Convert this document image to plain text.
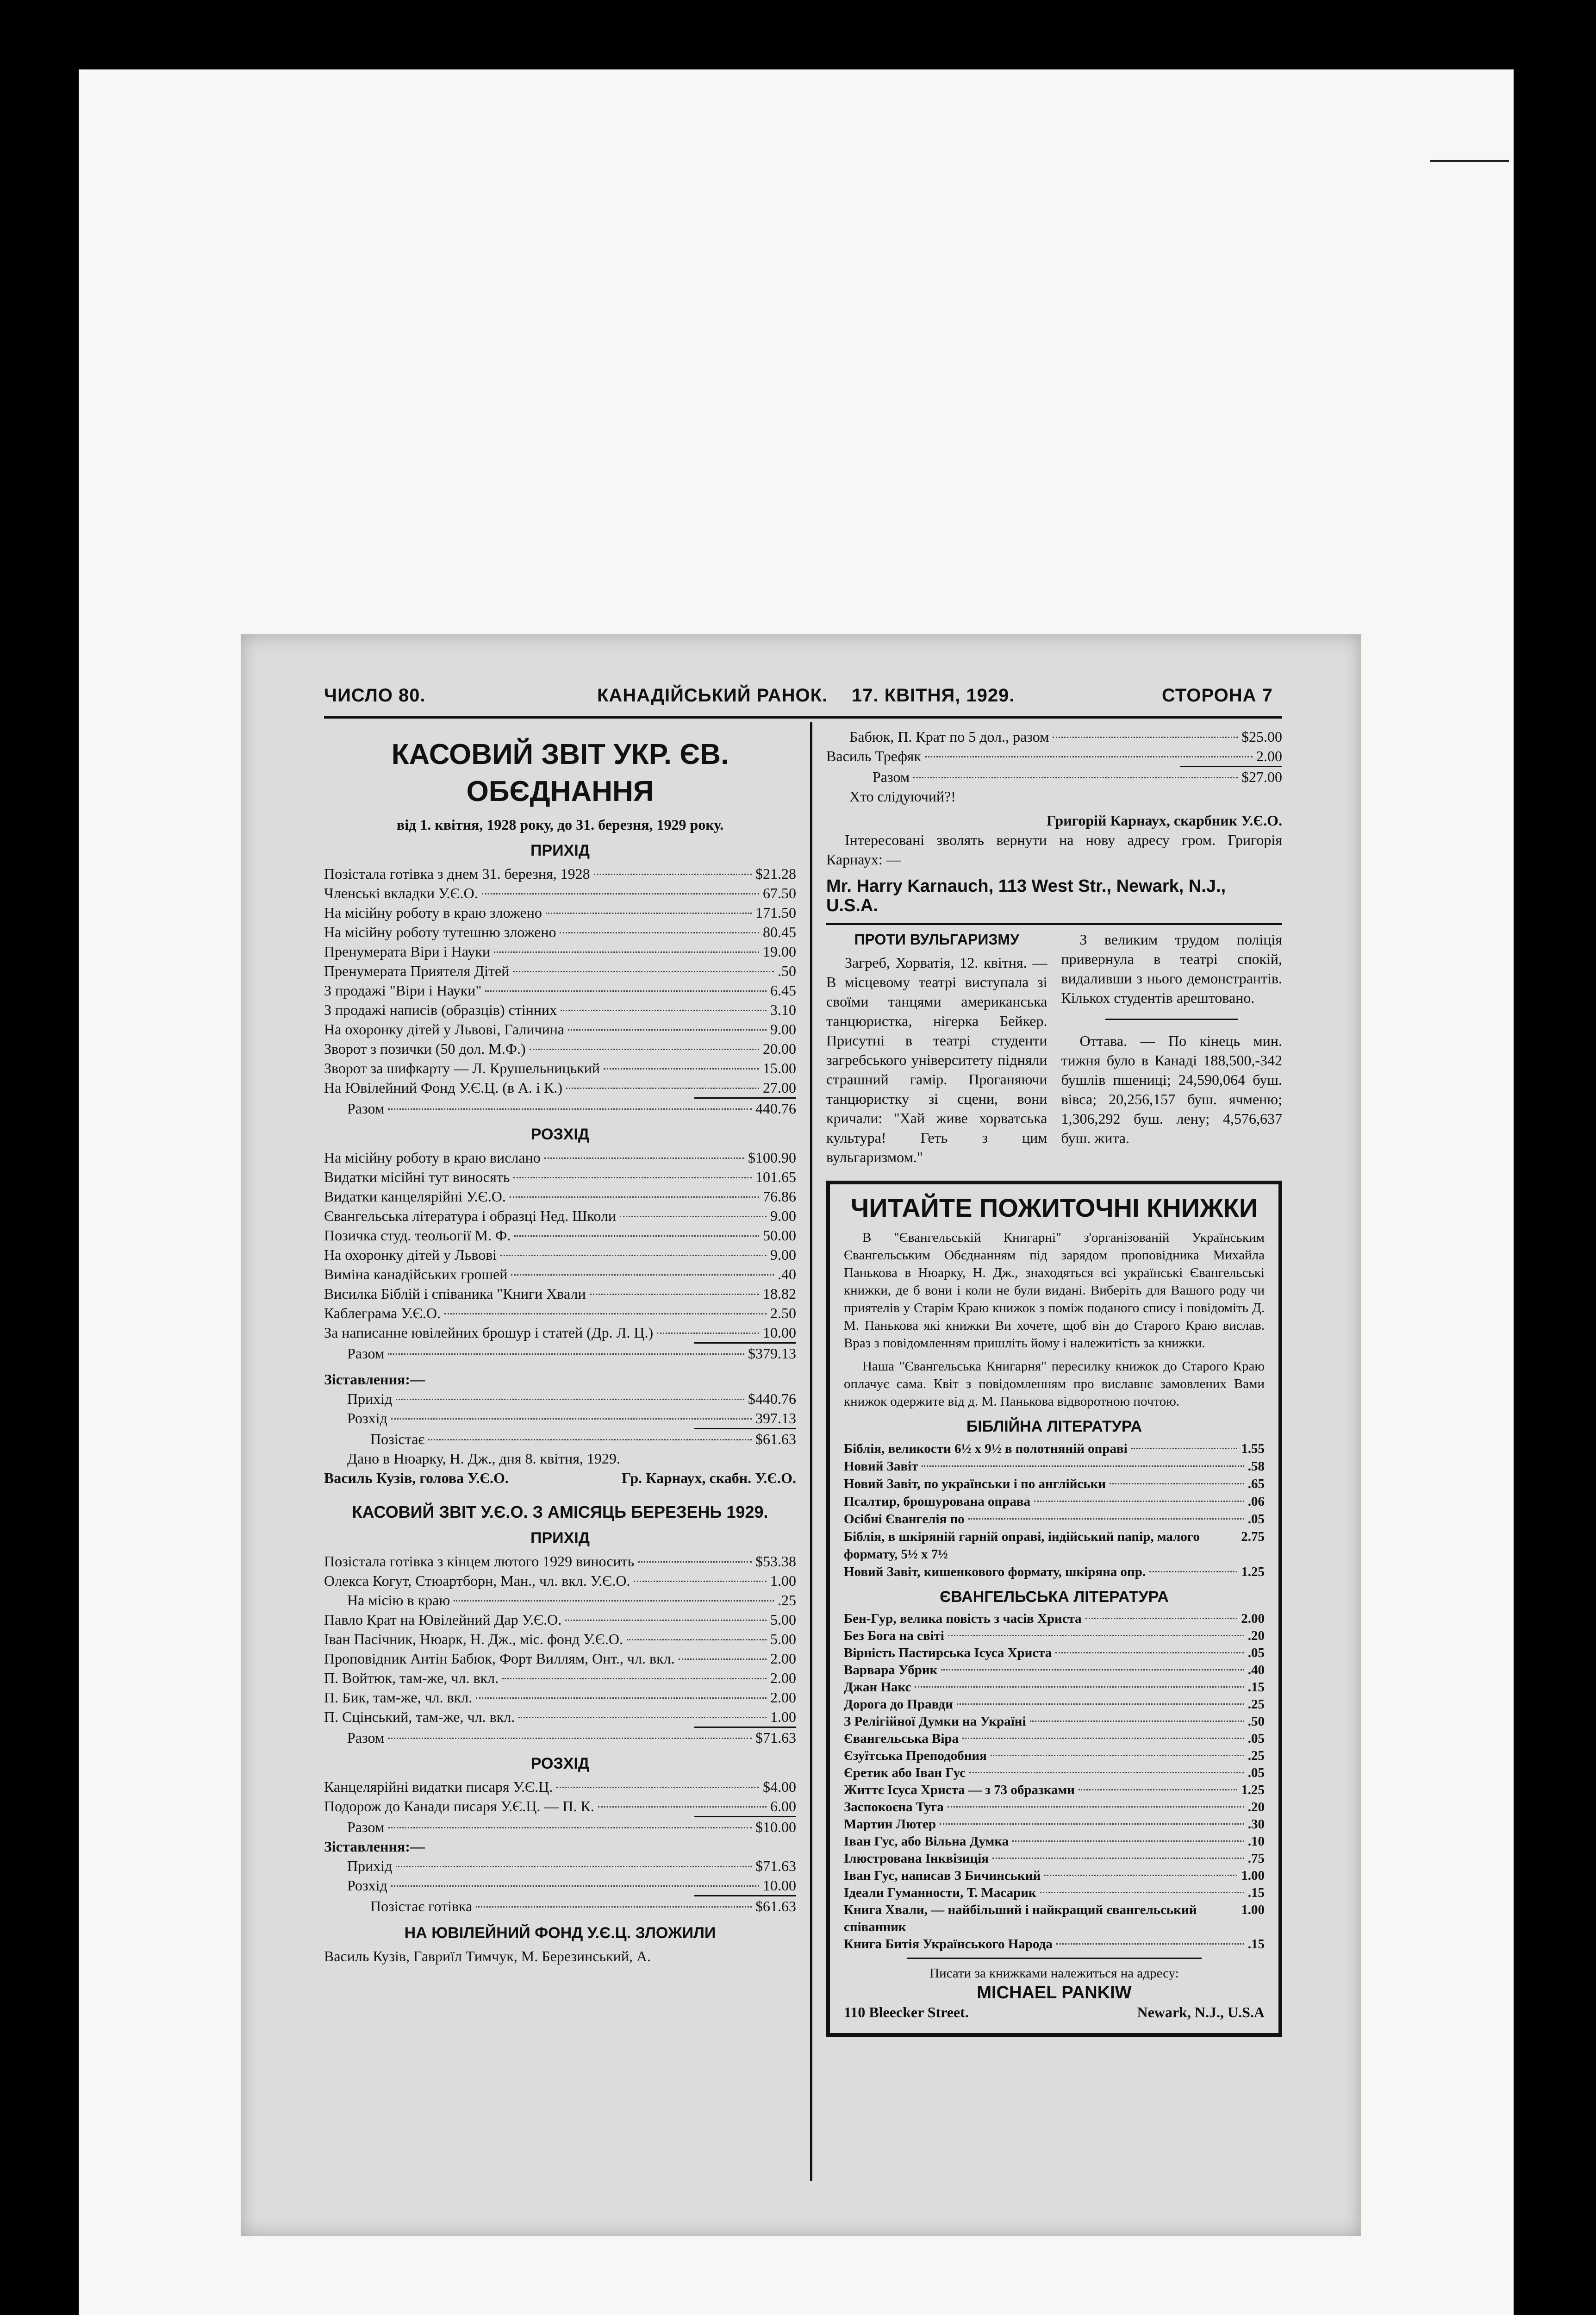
ЧИСЛО 80.	КАНАДІЙСЬКИЙ РАНОК. 17. КВІТНЯ, 1929.	СТОРОНА 7
КАСОВИЙ ЗВІТ УКР. ЄВ. ОБЄДНАННЯ
від 1. квітня, 1928 року, до 31. березня, 1929 року.
ПРИХІД
Позістала готівка з днем 31. березня, 1928	$21.28
Членські вкладки У.Є.О.	67.50
На місійну роботу в краю зложено	171.50
На місійну роботу тутешню зложено	80.45
Пренумерата Віри і Науки	19.00
Пренумерата Приятеля Дітей	.50
З продажі "Віри і Науки"	6.45
З продажі написів (образців) стінних	3.10
На охоронку дітей у Львові, Галичина	9.00
Зворот з позички (50 дол. М.Ф.)	20.00
Зворот за шифкарту — Л. Крушельницький	15.00
На Ювілейний Фонд У.Є.Ц. (в А. і К.)	27.00
Разом	440.76
РОЗХІД
На місійну роботу в краю вислано	$100.90
Видатки місійні тут виносять	101.65
Видатки канцелярійні У.Є.О.	76.86
Євангельська література і образці Нед. Школи	9.00
Позичка студ. теольогії М. Ф.	50.00
На охоронку дітей у Львові	9.00
Виміна канадійських грошей	.40
Висилка Біблій і співаника "Книги Хвали	18.82
Каблеграма У.Є.О.	2.50
За написанне ювілейних брошур і статей (Др. Л. Ц.)	10.00
Разом	$379.13
Зіставлення:—
Прихід	$440.76
Розхід	397.13
Позістає	$61.63
Дано в Нюарку, Н. Дж., дня 8. квітня, 1929.
Василь Кузів, голова У.Є.О.	Гр. Карнаух, скабн. У.Є.О.
КАСОВИЙ ЗВІТ У.Є.О. З АМІСЯЦЬ БЕРЕЗЕНЬ 1929.
ПРИХІД
Позістала готівка з кінцем лютого 1929 виносить	$53.38
Олекса Когут, Стюартборн, Ман., чл. вкл. У.Є.О.	1.00
На місію в краю	.25
Павло Крат на Ювілейний Дар У.Є.О.	5.00
Іван Пасічник, Нюарк, Н. Дж., міс. фонд У.Є.О.	5.00
Проповідник Антін Бабюк, Форт Виллям, Онт., чл. вкл.	2.00
П. Войтюк, там-же, чл. вкл.	2.00
П. Бик, там-же, чл. вкл.	2.00
П. Сцінський, там-же, чл. вкл.	1.00
Разом	$71.63
РОЗХІД
Канцелярійні видатки писаря У.Є.Ц.	$4.00
Подорож до Канади писаря У.Є.Ц. — П. К.	6.00
Разом	$10.00
Зіставлення:—
Прихід	$71.63
Розхід	10.00
Позістає готівка	$61.63
НА ЮВІЛЕЙНИЙ ФОНД У.Є.Ц. ЗЛОЖИЛИ
Василь Кузів, Гавриїл Тимчук, М. Березинський, А.
Бабюк, П. Крат по 5 дол., разом	$25.00
Василь Трефяк	2.00
Разом	$27.00
Хто слідуючий?!
Григорій Карнаух, скарбник У.Є.О.
Інтересовані зволять вернути на нову адресу гром. Григорія Карнаух: —
Mr. Harry Karnauch, 113 West Str., Newark, N.J., U.S.A.
ПРОТИ ВУЛЬГАРИЗМУ
Загреб, Хорватія, 12. квітня. — В місцевому театрі виступала зі своїми танцями американська танцюристка, нігерка Бейкер. Присутні в театрі студенти загребського університету підняли страшний гамір. Проганяючи танцюристку зі сцени, вони кричали: "Хай живе хорватська культура! Геть з цим вульгаризмом."
З великим трудом поліція привернула в театрі спокій, видаливши з нього демонстрантів. Кількох студентів арештовано.
Оттава. — По кінець мин. тижня було в Канаді 188,500,-342 бушлів пшениці; 24,590,064 буш. вівса; 20,256,157 буш. ячменю; 1,306,292 буш. лену; 4,576,637 буш. жита.
ЧИТАЙТЕ ПОЖИТОЧНІ КНИЖКИ
В "Євангельській Книгарні" з'організованій Українським Євангельським Обєднанням під зарядом проповідника Михайла Панькова в Нюарку, Н. Дж., знаходяться всі українські Євангельські книжки, де б вони і коли не були видані. Виберіть для Вашого роду чи приятелів у Старім Краю книжок з поміж поданого спису і повідоміть Д. М. Панькова які книжки Ви хочете, щоб він до Старого Краю вислав. Враз з повідомленням пришліть йому і належитість за книжки.
Наша "Євангельська Книгарня" пересилку книжок до Старого Краю оплачує сама. Квіт з повідомленням про виславнє замовлених Вами книжок одержите від д. М. Панькова відворотною почтою.
БІБЛІЙНА ЛІТЕРАТУРА
Біблія, великости 6½ x 9½ в полотняній оправі	1.55
Новий Завіт	.58
Новий Завіт, по українськи і по англійськи	.65
Псалтир, брошурована оправа	.06
Осібні Євангелія по	.05
Біблія, в шкіряній гарній оправі, індійський папір, малого формату, 5½ x 7½
2.75
Новий Завіт, кишенкового формату, шкіряна опр.	1.25
ЄВАНГЕЛЬСЬКА ЛІТЕРАТУРА
Бен-Гур, велика повість з часів Христа	2.00
Без Бога на світі	.20
Вірність Пастирська Ісуса Христа	.05
Варвара Убрик	.40
Джан Накс	.15
Дорога до Правди	.25
З Релігійної Думки на Україні	.50
Євангельська Віра	.05
Єзуїтська Преподобния	.25
Єретик або Іван Гус	.05
Життє Ісуса Христа — з 73 образками	1.25
Заспокоєна Туга	.20
Мартин Лютер	.30
Іван Гус, або Вільна Думка	.10
Ілюстрована Інквізиція	.75
Іван Гус, написав З Бичинський	1.00
Ідеали Гуманности, Т. Масарик	.15
Книга Хвали, — найбільший і найкращий євангельський співанник
1.00
Книга Битія Українського Народа	.15
Писати за книжками належиться на адресу:
MICHAEL PANKIW
110 Bleecker Street.	Newark, N.J., U.S.A
